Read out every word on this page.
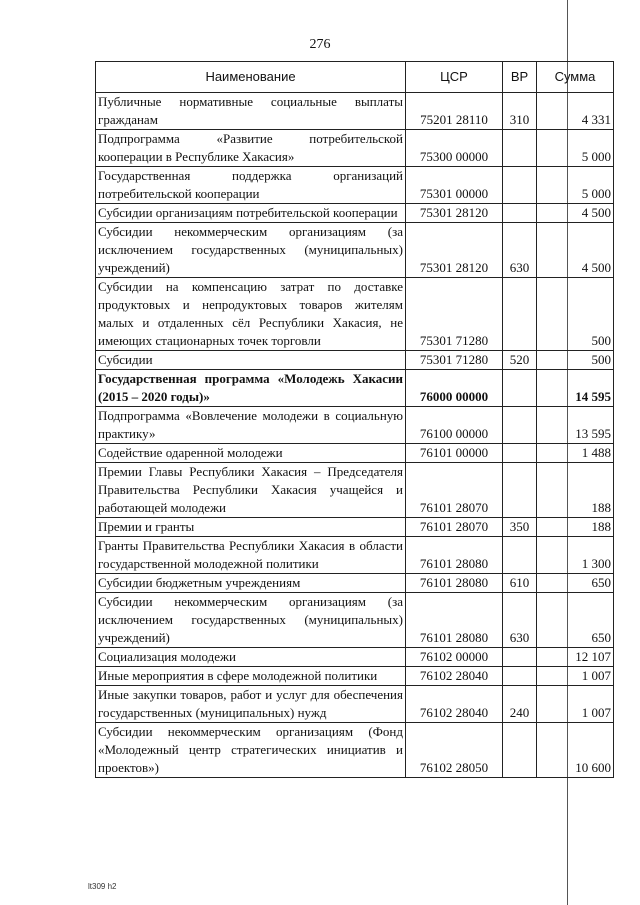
276
Наименование	ЦСР	ВР	Сумма
Публичные нормативные социальные выплаты гражданам	75201 28110	310	4 331
Подпрограмма «Развитие потребительской кооперации в Республике Хакасия»	75300 00000		5 000
Государственная поддержка организаций потребительской кооперации	75301 00000		5 000
Субсидии организациям потребительской кооперации	75301 28120		4 500
Субсидии некоммерческим организациям (за исключением государственных (муниципальных) учреждений)	75301 28120	630	4 500
Субсидии на компенсацию затрат по доставке продуктовых и непродуктовых товаров жителям малых и отдаленных сёл Республики Хакасия, не имеющих стационарных точек торговли	75301 71280		500
Субсидии	75301 71280	520	500
Государственная программа «Молодежь Хакасии (2015 – 2020 годы)»	76000 00000		14 595
Подпрограмма «Вовлечение молодежи в социальную практику»	76100 00000		13 595
Содействие одаренной молодежи	76101 00000		1 488
Премии Главы Республики Хакасия – Председателя Правительства Республики Хакасия учащейся и работающей молодежи	76101 28070		188
Премии и гранты	76101 28070	350	188
Гранты Правительства Республики Хакасия в области государственной молодежной политики	76101 28080		1 300
Субсидии бюджетным учреждениям	76101 28080	610	650
Субсидии некоммерческим организациям (за исключением государственных (муниципальных) учреждений)	76101 28080	630	650
Социализация молодежи	76102 00000		12 107
Иные мероприятия в сфере молодежной политики	76102 28040		1 007
Иные закупки товаров, работ и услуг для обеспечения государственных (муниципальных) нужд	76102 28040	240	1 007
Субсидии некоммерческим организациям (Фонд «Молодежный центр стратегических инициатив и проектов»)	76102 28050		10 600
lt309 h2
